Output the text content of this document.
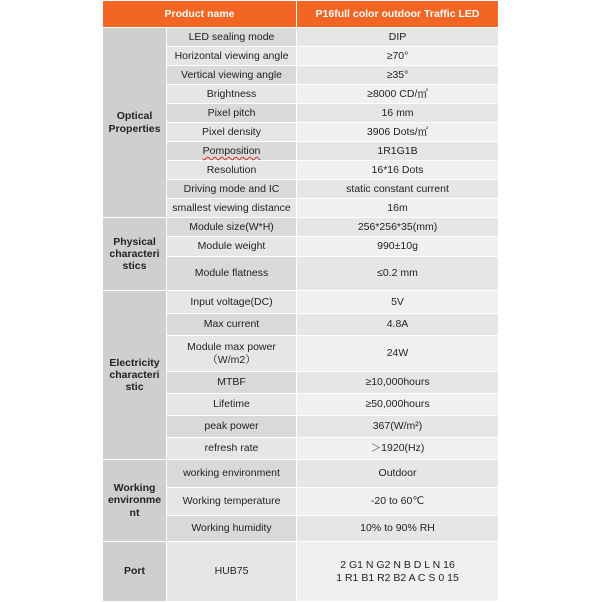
Product name		P16full color outdoor Traffic LED
Optical
Properties	LED sealing mode	DIP
	Horizontal viewing angle	≥70°
	Vertical viewing angle	≥35°
	Brightness	≥8000 CD/㎡
	Pixel pitch	16 mm
	Pixel density	3906 Dots/㎡
	Pomposition	1R1G1B
	Resolution	16*16 Dots
	Driving mode and IC	static constant current
	smallest viewing distance	16m
Physical
characteri
stics	Module size(W*H)	256*256*35(mm)
	Module weight	990±10g
	Module flatness	≤0.2 mm
Electricity
characteri
stic	Input voltage(DC)	5V
	Max current	4.8A
	Module max power
（W/m2）	24W
	MTBF	≥10,000hours
	Lifetime	≥50,000hours
	peak power	367(W/m²)
	refresh rate	＞1920(Hz)
Working
environme
nt	working environment	Outdoor
	Working temperature	-20 to 60℃
	Working humidity	10% to 90% RH
Port	HUB75	2 G1 N G2 N B D L N 16
1 R1 B1 R2 B2 A C S 0 15
